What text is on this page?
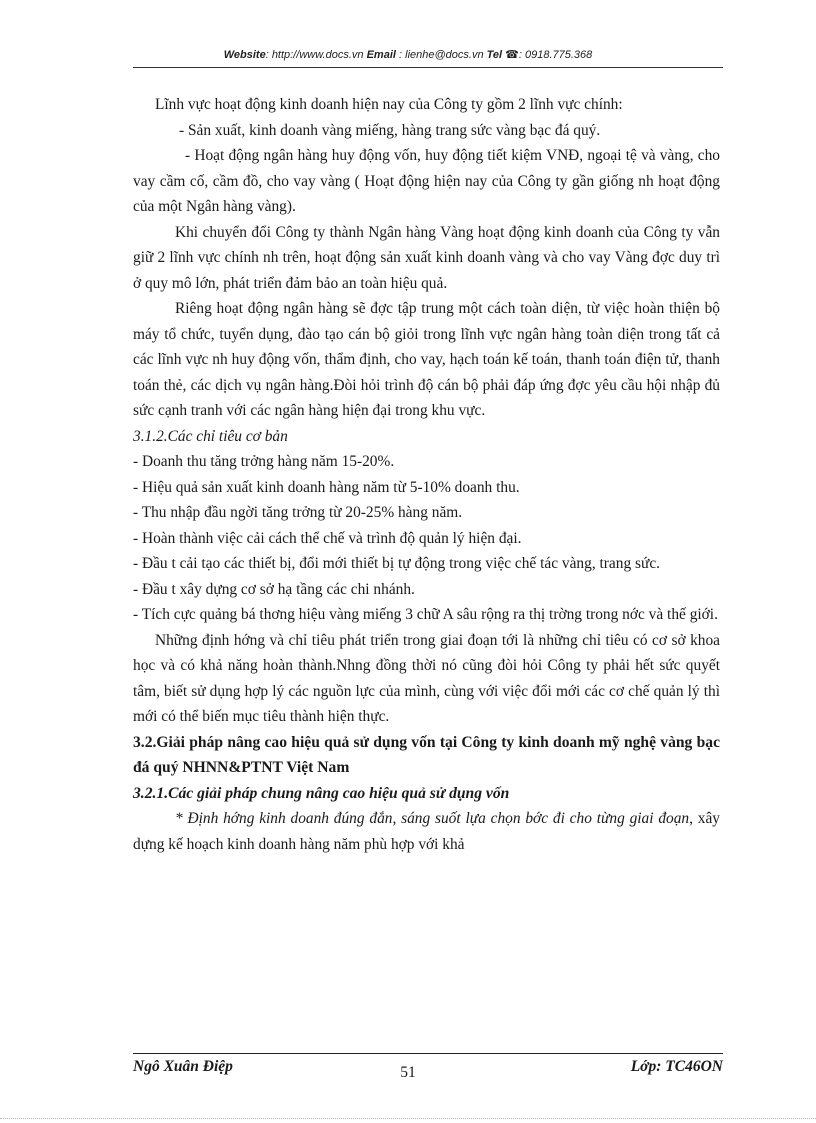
Website: http://www.docs.vn Email : lienhe@docs.vn Tel ☎: 0918.775.368

Lĩnh vực hoạt động kinh doanh hiện nay của Công ty gồm 2 lĩnh vực chính:

- Sản xuất, kinh doanh vàng miếng, hàng trang sức vàng bạc đá quý.

- Hoạt động ngân hàng huy động vốn, huy động tiết kiệm VNĐ, ngoại tệ và vàng, cho vay cầm cố, cầm đồ, cho vay vàng ( Hoạt động hiện nay của Công ty gần giống nh hoạt động của một Ngân hàng vàng).

Khi chuyển đổi Công ty thành Ngân hàng Vàng hoạt động kinh doanh của Công ty vẫn giữ 2 lĩnh vực chính nh trên, hoạt động sản xuất kinh doanh vàng và cho vay Vàng đợc duy trì ở quy mô lớn, phát triển đảm bảo an toàn hiệu quả.

Riêng hoạt động ngân hàng sẽ đợc tập trung một cách toàn diện, từ việc hoàn thiện bộ máy tổ chức, tuyển dụng, đào tạo cán bộ giỏi trong lĩnh vực ngân hàng toàn diện trong tất cả các lĩnh vực nh huy động vốn, thẩm định, cho vay, hạch toán kế toán, thanh toán điện tử, thanh toán thẻ, các dịch vụ ngân hàng.Đòi hỏi trình độ cán bộ phải đáp ứng đợc yêu cầu hội nhập đủ sức cạnh tranh với các ngân hàng hiện đại trong khu vực.

3.1.2.Các chỉ tiêu cơ bản

- Doanh thu tăng trởng hàng năm 15-20%.

- Hiệu quả sản xuất kinh doanh hàng năm từ 5-10% doanh thu.

- Thu nhập đầu ngời tăng trởng từ 20-25% hàng năm.

- Hoàn thành việc cải cách thể chế và trình độ quản lý hiện đại.

- Đầu t cải tạo các thiết bị, đổi mới thiết bị tự động trong việc chế tác vàng, trang sức.

- Đầu t xây dựng cơ sở hạ tầng các chi nhánh.

- Tích cực quảng bá thơng hiệu vàng miếng 3 chữ A sâu rộng ra thị trờng trong nớc và thế giới.

Những định hớng và chỉ tiêu phát triển trong giai đoạn tới là những chỉ tiêu có cơ sở khoa học và có khả năng hoàn thành.Nhng đồng thời nó cũng đòi hỏi Công ty phải hết sức quyết tâm, biết sử dụng hợp lý các nguồn lực của mình, cùng với việc đổi mới các cơ chế quản lý thì mới có thể biến mục tiêu thành hiện thực.

3.2.Giải pháp nâng cao hiệu quả sử dụng vốn tại Công ty kinh doanh mỹ nghệ vàng bạc đá quý NHNN&PTNT Việt Nam

3.2.1.Các giải pháp chung nâng cao hiệu quả sử dụng vốn

* Định hớng kinh doanh đúng đắn, sáng suốt lựa chọn bớc đi cho từng giai đoạn, xây dựng kế hoạch kinh doanh hàng năm phù hợp với khả

Ngô Xuân Điệp	51	Lớp: TC46ON
